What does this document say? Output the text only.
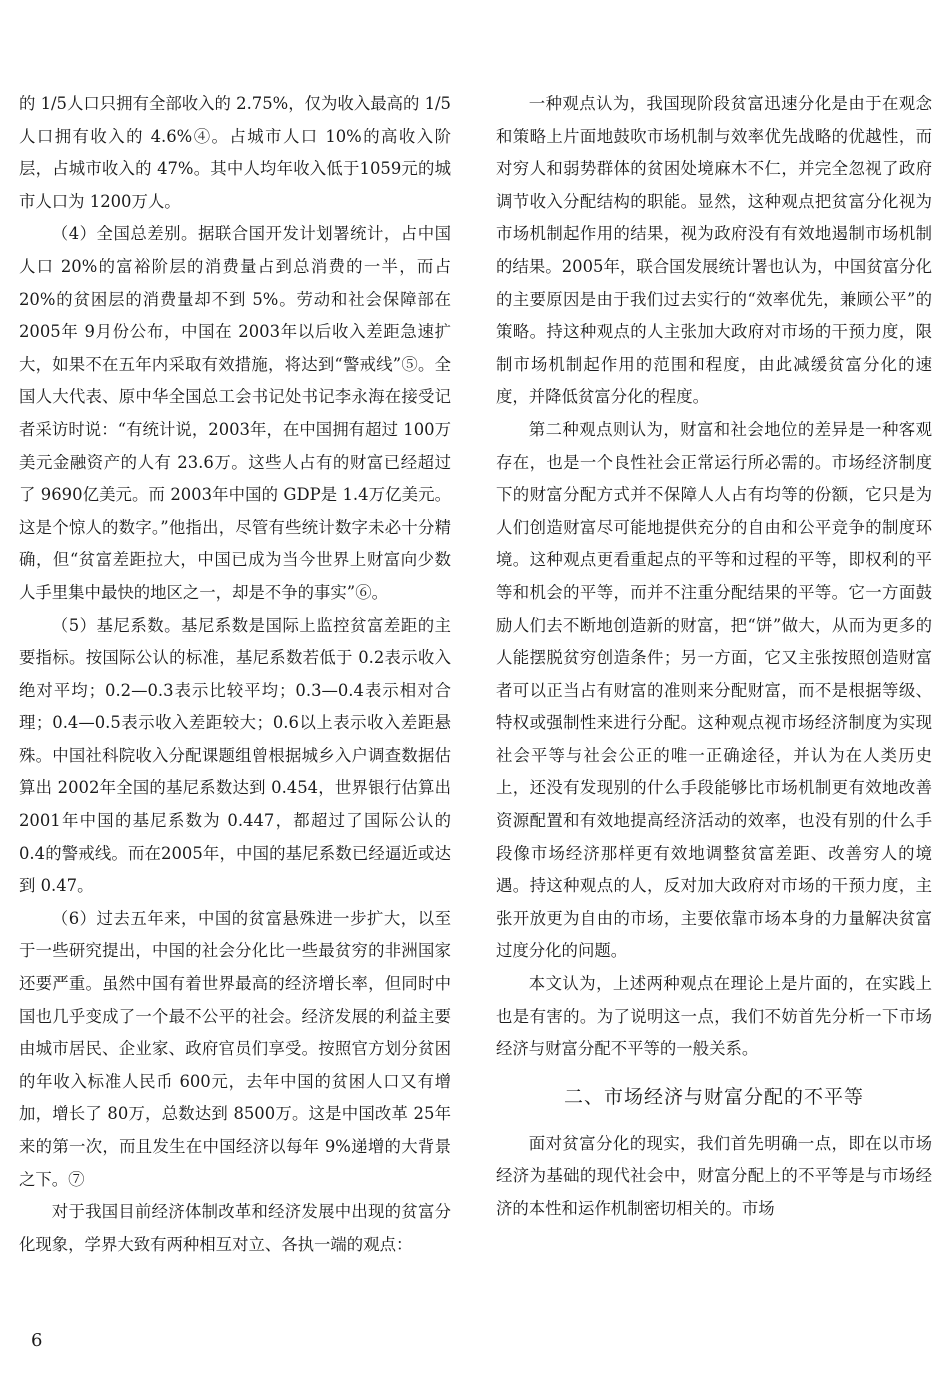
的 1/5人口只拥有全部收入的 2.75%，仅为收入最高的 1/5人口拥有收入的 4.6%④。占城市人口 10%的高收入阶层，占城市收入的 47%。其中人均年收入低于1059元的城市人口为 1200万人。

（4）全国总差别。据联合国开发计划署统计，占中国人口 20%的富裕阶层的消费量占到总消费的一半，而占 20%的贫困层的消费量却不到 5%。劳动和社会保障部在 2005年 9月份公布，中国在 2003年以后收入差距急速扩大，如果不在五年内采取有效措施，将达到“警戒线”⑤。全国人大代表、原中华全国总工会书记处书记李永海在接受记者采访时说：“有统计说，2003年，在中国拥有超过 100万美元金融资产的人有 23.6万。这些人占有的财富已经超过了 9690亿美元。而 2003年中国的 GDP是 1.4万亿美元。这是个惊人的数字。”他指出，尽管有些统计数字未必十分精确，但“贫富差距拉大，中国已成为当今世界上财富向少数人手里集中最快的地区之一，却是不争的事实”⑥。

（5）基尼系数。基尼系数是国际上监控贫富差距的主要指标。按国际公认的标准，基尼系数若低于 0.2表示收入绝对平均；0.2—0.3表示比较平均；0.3—0.4表示相对合理；0.4—0.5表示收入差距较大；0.6以上表示收入差距悬殊。中国社科院收入分配课题组曾根据城乡入户调查数据估算出 2002年全国的基尼系数达到 0.454，世界银行估算出 2001年中国的基尼系数为 0.447，都超过了国际公认的 0.4的警戒线。而在2005年，中国的基尼系数已经逼近或达到 0.47。

（6）过去五年来，中国的贫富悬殊进一步扩大，以至于一些研究提出，中国的社会分化比一些最贫穷的非洲国家还要严重。虽然中国有着世界最高的经济增长率，但同时中国也几乎变成了一个最不公平的社会。经济发展的利益主要由城市居民、企业家、政府官员们享受。按照官方划分贫困的年收入标准人民币 600元，去年中国的贫困人口又有增加，增长了 80万，总数达到 8500万。这是中国改革 25年来的第一次，而且发生在中国经济以每年 9%递增的大背景之下。⑦

对于我国目前经济体制改革和经济发展中出现的贫富分化现象，学界大致有两种相互对立、各执一端的观点：

一种观点认为，我国现阶段贫富迅速分化是由于在观念和策略上片面地鼓吹市场机制与效率优先战略的优越性，而对穷人和弱势群体的贫困处境麻木不仁，并完全忽视了政府调节收入分配结构的职能。显然，这种观点把贫富分化视为市场机制起作用的结果，视为政府没有有效地遏制市场机制的结果。2005年，联合国发展统计署也认为，中国贫富分化的主要原因是由于我们过去实行的“效率优先，兼顾公平”的策略。持这种观点的人主张加大政府对市场的干预力度，限制市场机制起作用的范围和程度，由此减缓贫富分化的速度，并降低贫富分化的程度。

第二种观点则认为，财富和社会地位的差异是一种客观存在，也是一个良性社会正常运行所必需的。市场经济制度下的财富分配方式并不保障人人占有均等的份额，它只是为人们创造财富尽可能地提供充分的自由和公平竞争的制度环境。这种观点更看重起点的平等和过程的平等，即权利的平等和机会的平等，而并不注重分配结果的平等。它一方面鼓励人们去不断地创造新的财富，把“饼”做大，从而为更多的人能摆脱贫穷创造条件；另一方面，它又主张按照创造财富者可以正当占有财富的准则来分配财富，而不是根据等级、特权或强制性来进行分配。这种观点视市场经济制度为实现社会平等与社会公正的唯一正确途径，并认为在人类历史上，还没有发现别的什么手段能够比市场机制更有效地改善资源配置和有效地提高经济活动的效率，也没有别的什么手段像市场经济那样更有效地调整贫富差距、改善穷人的境遇。持这种观点的人，反对加大政府对市场的干预力度，主张开放更为自由的市场，主要依靠市场本身的力量解决贫富过度分化的问题。

本文认为，上述两种观点在理论上是片面的，在实践上也是有害的。为了说明这一点，我们不妨首先分析一下市场经济与财富分配不平等的一般关系。

二、市场经济与财富分配的不平等

面对贫富分化的现实，我们首先明确一点，即在以市场经济为基础的现代社会中，财富分配上的不平等是与市场经济的本性和运作机制密切相关的。市场

6
